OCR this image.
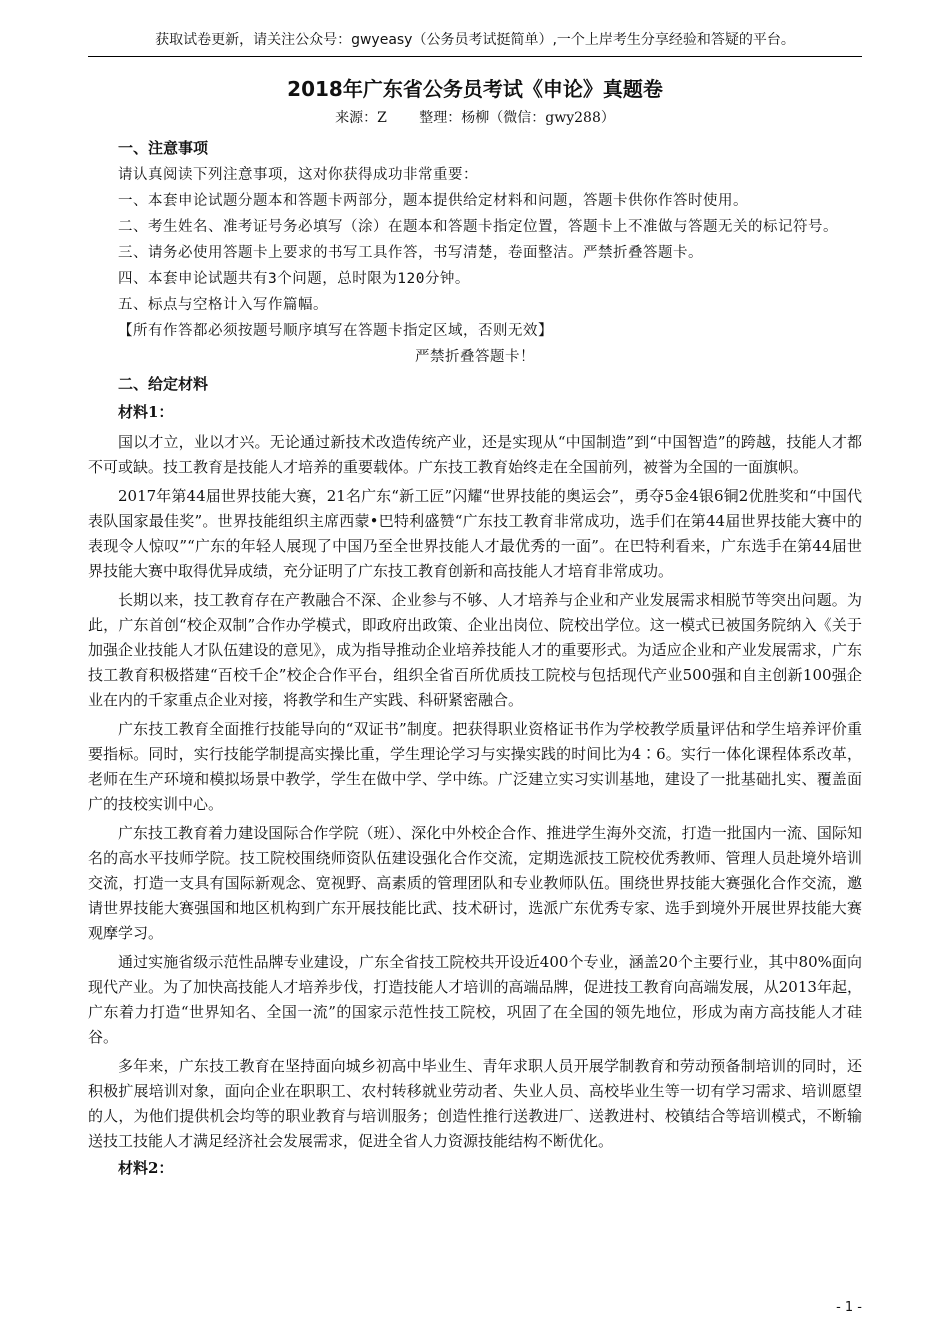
获取试卷更新，请关注公众号：gwyeasy（公务员考试挺简单）,一个上岸考生分享经验和答疑的平台。
2018年广东省公务员考试《申论》真题卷

来源：Z 整理：杨柳（微信：gwy288）

一、注意事项

请认真阅读下列注意事项，这对你获得成功非常重要：

一、本套申论试题分题本和答题卡两部分，题本提供给定材料和问题，答题卡供你作答时使用。

二、考生姓名、准考证号务必填写（涂）在题本和答题卡指定位置，答题卡上不准做与答题无关的标记符号。

三、请务必使用答题卡上要求的书写工具作答，书写清楚，卷面整洁。严禁折叠答题卡。

四、本套申论试题共有3个问题，总时限为120分钟。

五、标点与空格计入写作篇幅。

【所有作答都必须按题号顺序填写在答题卡指定区域，否则无效】

严禁折叠答题卡！

二、给定材料

材料1：

国以才立，业以才兴。无论通过新技术改造传统产业，还是实现从“中国制造”到“中国智造”的跨越，技能人才都不可或缺。技工教育是技能人才培养的重要载体。广东技工教育始终走在全国前列，被誉为全国的一面旗帜。

2017年第44届世界技能大赛，21名广东“新工匠”闪耀“世界技能的奥运会”，勇夺5金4银6铜2优胜奖和“中国代表队国家最佳奖”。世界技能组织主席西蒙•巴特利盛赞“广东技工教育非常成功，选手们在第44届世界技能大赛中的表现令人惊叹”“广东的年轻人展现了中国乃至全世界技能人才最优秀的一面”。在巴特利看来，广东选手在第44届世界技能大赛中取得优异成绩，充分证明了广东技工教育创新和高技能人才培育非常成功。

长期以来，技工教育存在产教融合不深、企业参与不够、人才培养与企业和产业发展需求相脱节等突出问题。为此，广东首创“校企双制”合作办学模式，即政府出政策、企业出岗位、院校出学位。这一模式已被国务院纳入《关于加强企业技能人才队伍建设的意见》，成为指导推动企业培养技能人才的重要形式。为适应企业和产业发展需求，广东技工教育积极搭建“百校千企”校企合作平台，组织全省百所优质技工院校与包括现代产业500强和自主创新100强企业在内的千家重点企业对接，将教学和生产实践、科研紧密融合。

广东技工教育全面推行技能导向的“双证书”制度。把获得职业资格证书作为学校教学质量评估和学生培养评价重要指标。同时，实行技能学制提高实操比重，学生理论学习与实操实践的时间比为4∶6。实行一体化课程体系改革，老师在生产环境和模拟场景中教学，学生在做中学、学中练。广泛建立实习实训基地，建设了一批基础扎实、覆盖面广的技校实训中心。

广东技工教育着力建设国际合作学院（班）、深化中外校企合作、推进学生海外交流，打造一批国内一流、国际知名的高水平技师学院。技工院校围绕师资队伍建设强化合作交流，定期选派技工院校优秀教师、管理人员赴境外培训交流，打造一支具有国际新观念、宽视野、高素质的管理团队和专业教师队伍。围绕世界技能大赛强化合作交流，邀请世界技能大赛强国和地区机构到广东开展技能比武、技术研讨，选派广东优秀专家、选手到境外开展世界技能大赛观摩学习。

通过实施省级示范性品牌专业建设，广东全省技工院校共开设近400个专业，涵盖20个主要行业，其中80%面向现代产业。为了加快高技能人才培养步伐，打造技能人才培训的高端品牌，促进技工教育向高端发展，从2013年起，广东着力打造“世界知名、全国一流”的国家示范性技工院校，巩固了在全国的领先地位，形成为南方高技能人才硅谷。

多年来，广东技工教育在坚持面向城乡初高中毕业生、青年求职人员开展学制教育和劳动预备制培训的同时，还积极扩展培训对象，面向企业在职职工、农村转移就业劳动者、失业人员、高校毕业生等一切有学习需求、培训愿望的人，为他们提供机会均等的职业教育与培训服务；创造性推行送教进厂、送教进村、校镇结合等培训模式，不断输送技工技能人才满足经济社会发展需求，促进全省人力资源技能结构不断优化。

材料2：

- 1 -
